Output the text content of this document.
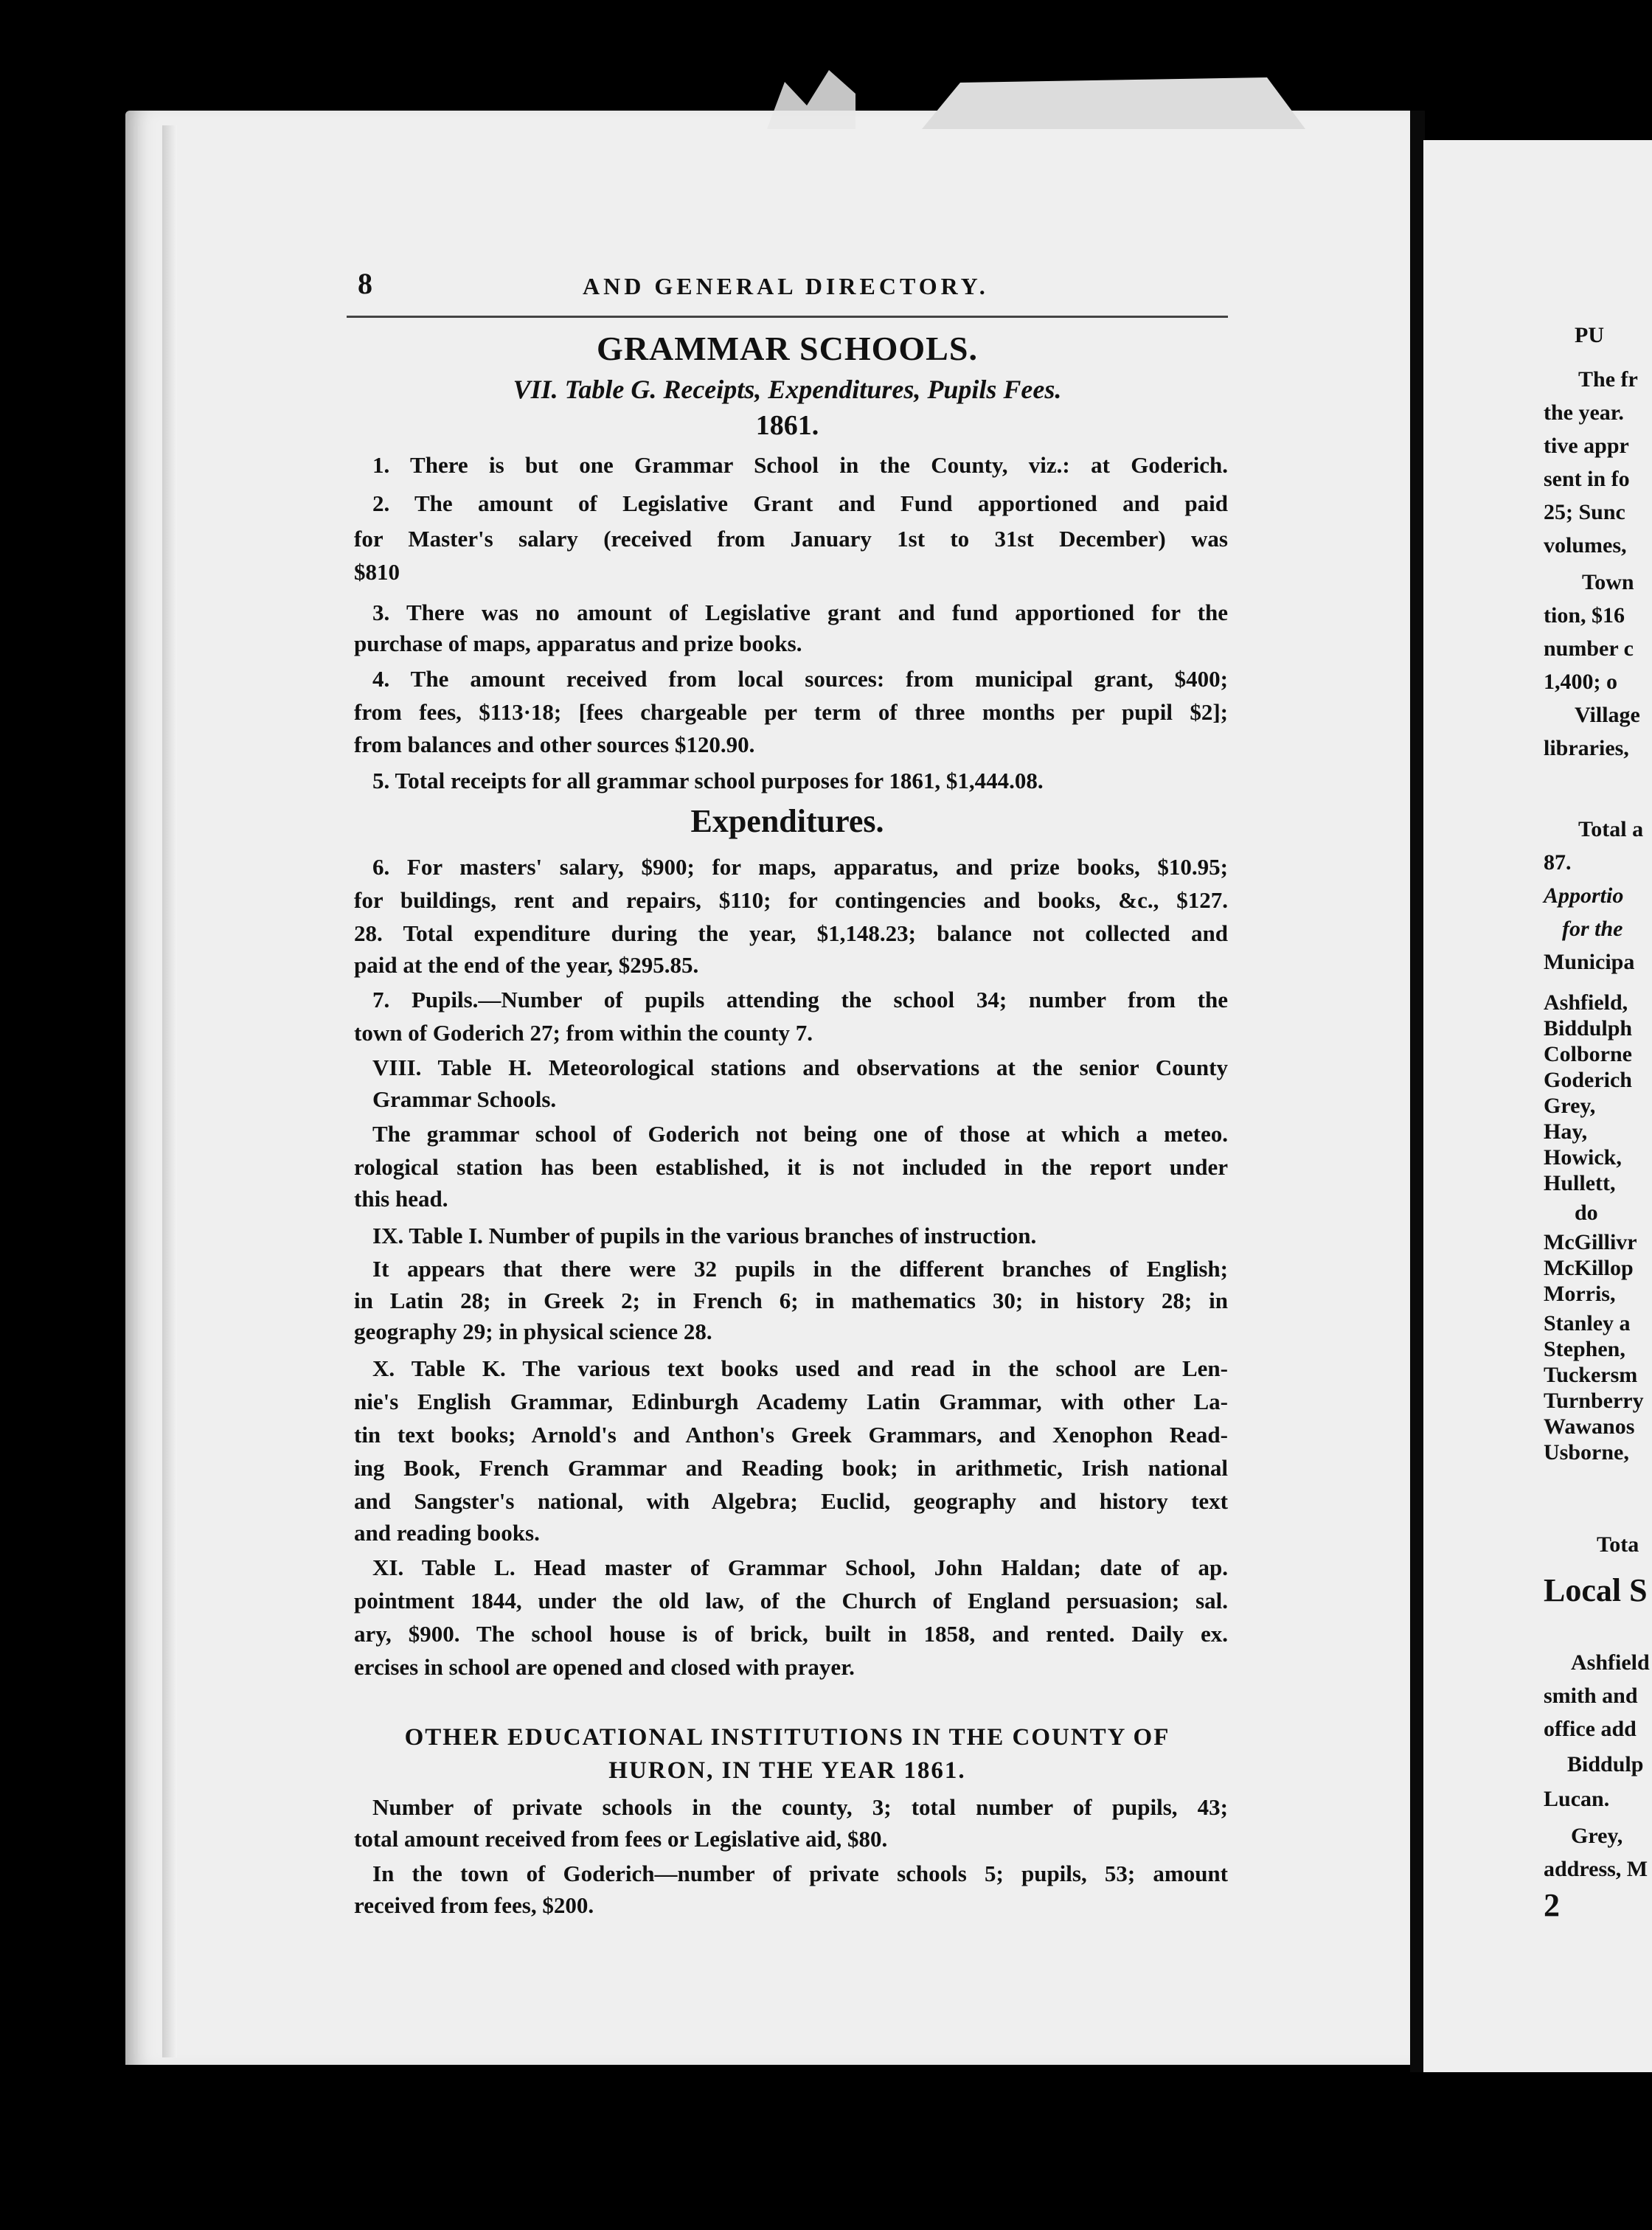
8	AND GENERAL DIRECTORY.
GRAMMAR SCHOOLS.
VII. Table G. Receipts, Expenditures, Pupils Fees.
1861.
1. There is but one Grammar School in the County, viz.: at Goderich.
2. The amount of Legislative Grant and Fund apportioned and paid
for Master's salary (received from January 1st to 31st December) was
$810
3. There was no amount of Legislative grant and fund apportioned for the
purchase of maps, apparatus and prize books.
4. The amount received from local sources: from municipal grant, $400;
from fees, $113·18; [fees chargeable per term of three months per pupil $2];
from balances and other sources $120.90.
5. Total receipts for all grammar school purposes for 1861, $1,444.08.
Expenditures.
6. For masters' salary, $900; for maps, apparatus, and prize books, $10.95;
for buildings, rent and repairs, $110; for contingencies and books, &c., $127.
28. Total expenditure during the year, $1,148.23; balance not collected and
paid at the end of the year, $295.85.
7. Pupils.—Number of pupils attending the school 34; number from the
town of Goderich 27; from within the county 7.
VIII. Table H. Meteorological stations and observations at the senior County
Grammar Schools.
The grammar school of Goderich not being one of those at which a meteo.
rological station has been established, it is not included in the report under
this head.
IX. Table I. Number of pupils in the various branches of instruction.
It appears that there were 32 pupils in the different branches of English;
in Latin 28; in Greek 2; in French 6; in mathematics 30; in history 28; in
geography 29; in physical science 28.
X. Table K. The various text books used and read in the school are Len-
nie's English Grammar, Edinburgh Academy Latin Grammar, with other La-
tin text books; Arnold's and Anthon's Greek Grammars, and Xenophon Read-
ing Book, French Grammar and Reading book; in arithmetic, Irish national
and Sangster's national, with Algebra; Euclid, geography and history text
and reading books.
XI. Table L. Head master of Grammar School, John Haldan; date of ap.
pointment 1844, under the old law, of the Church of England persuasion; sal.
ary, $900. The school house is of brick, built in 1858, and rented. Daily ex.
ercises in school are opened and closed with prayer.
OTHER EDUCATIONAL INSTITUTIONS IN THE COUNTY OF
HURON, IN THE YEAR 1861.
Number of private schools in the county, 3; total number of pupils, 43;
total amount received from fees or Legislative aid, $80.
In the town of Goderich—number of private schools 5; pupils, 53; amount
received from fees, $200.
PU
The fr
the year.
tive appr
sent in fo
25; Sunc
volumes,
Town
tion, $16
number c
1,400; o
Village
libraries,
Total a
87.
Apportio
for the
Municipa
Ashfield,
Biddulph
Colborne
Goderich
Grey,
Hay,
Howick,
Hullett,
do
McGillivr
McKillop
Morris,
Stanley a
Stephen,
Tuckersm
Turnberry
Wawanos
Usborne,
Tota
Local S
Ashfield
smith and
office add
Biddulp
Lucan.
Grey,
address, M
2
